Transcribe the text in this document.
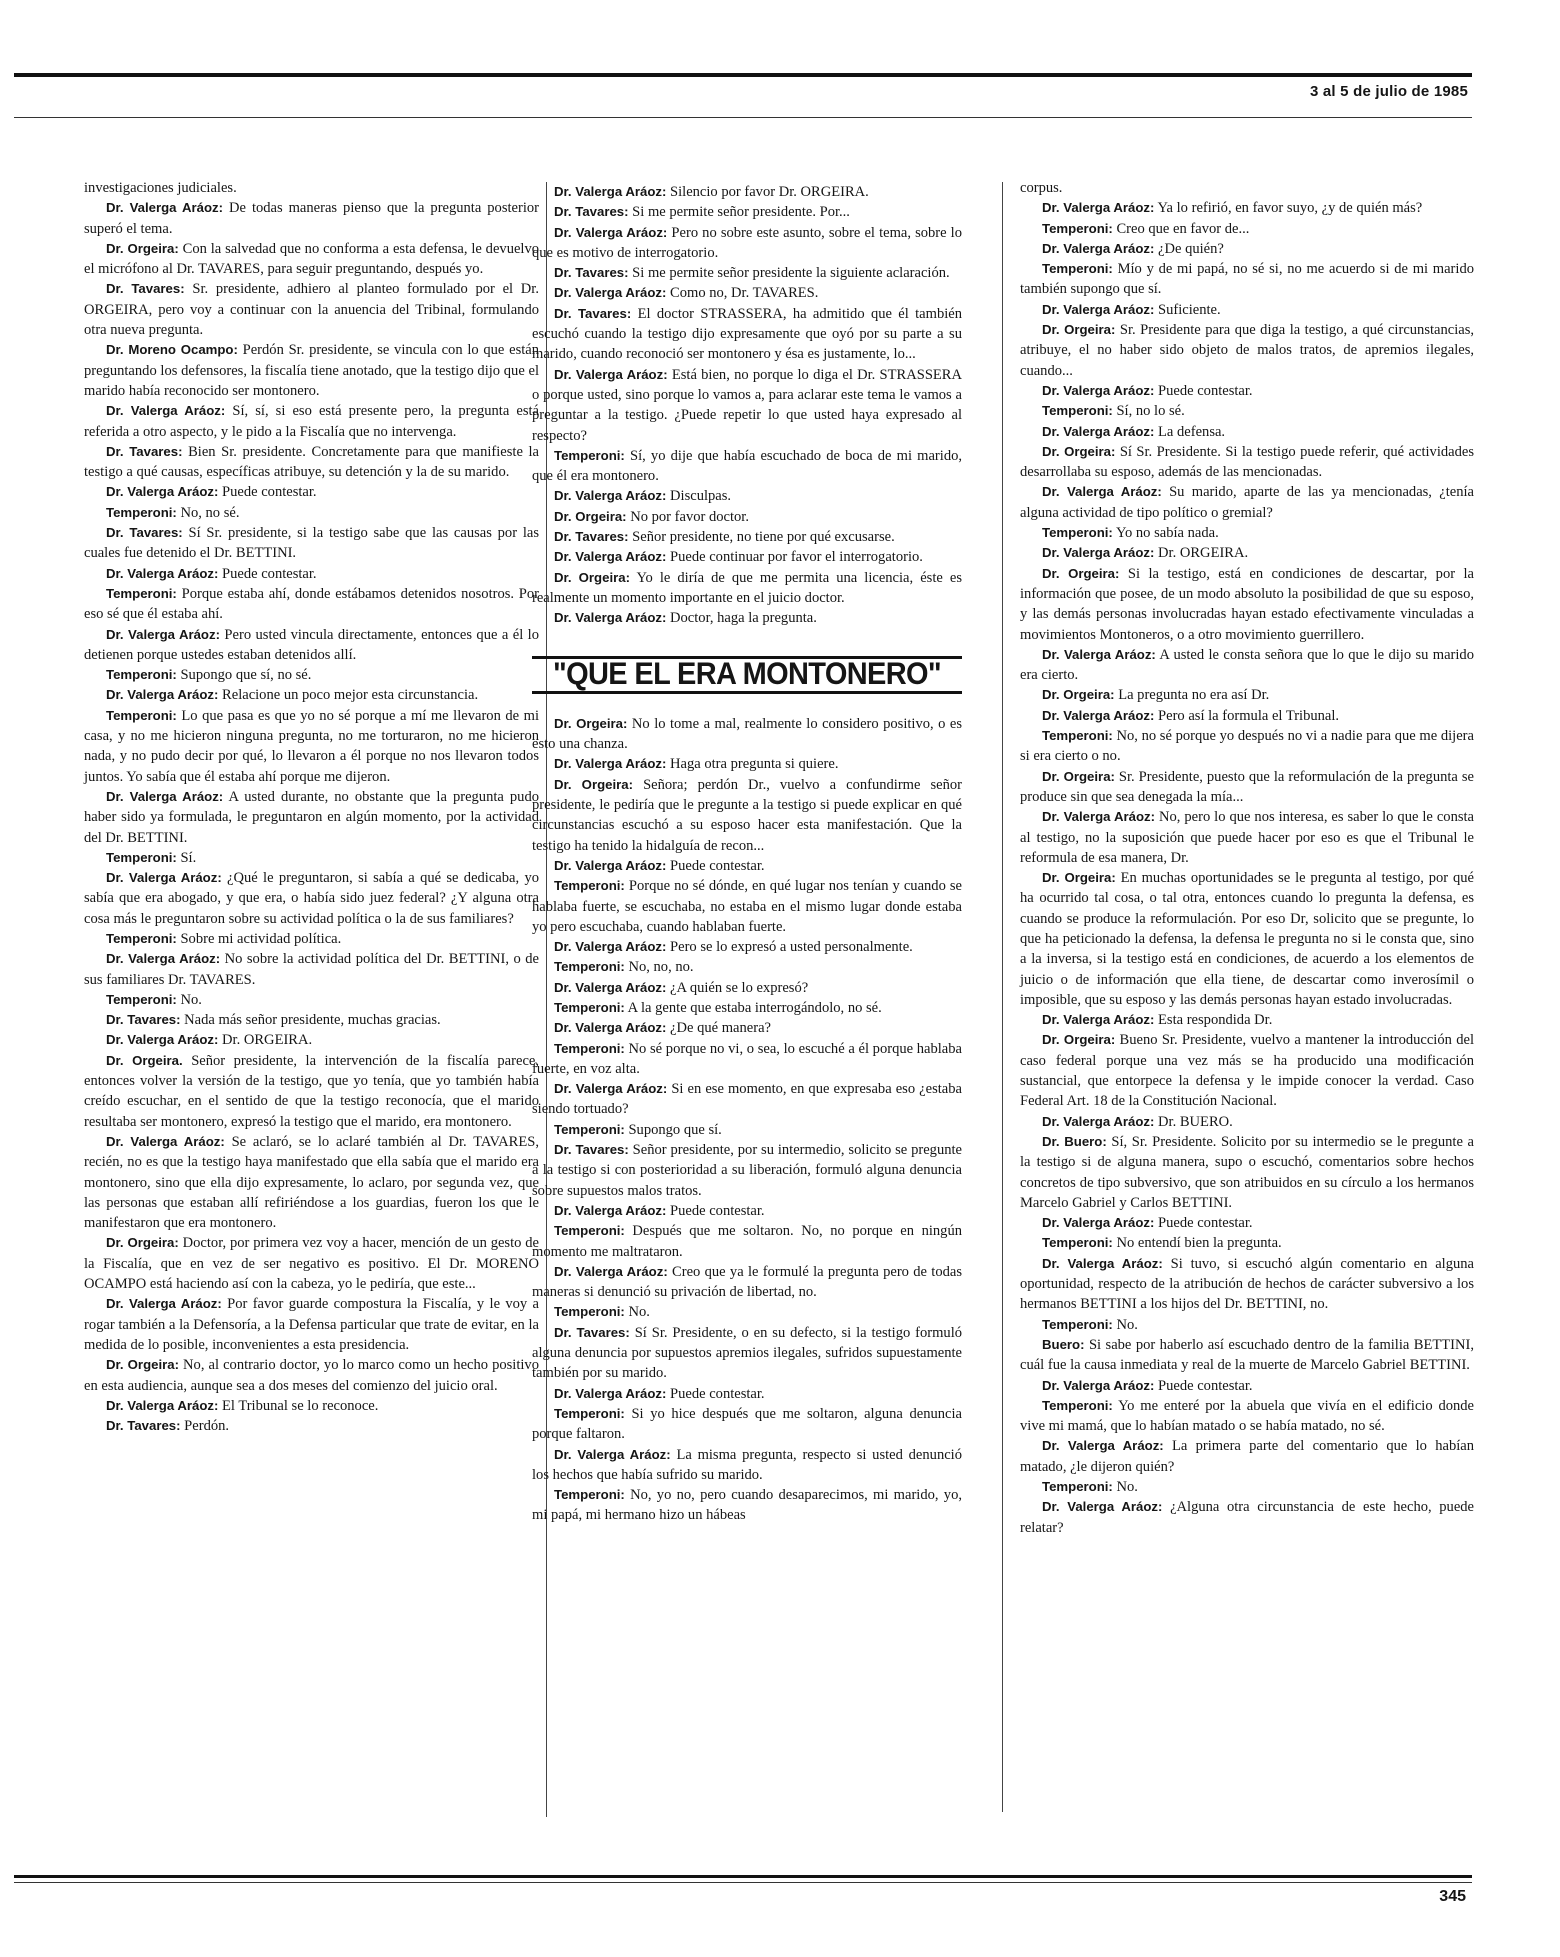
3 al 5 de julio de 1985

investigaciones judiciales.

Dr. Valerga Aráoz: De todas maneras pienso que la pregunta posterior superó el tema.

Dr. Orgeira: Con la salvedad que no conforma a esta defensa, le devuelvo el micrófono al Dr. TAVARES, para seguir preguntando, después yo.

Dr. Tavares: Sr. presidente, adhiero al planteo formulado por el Dr. ORGEIRA, pero voy a continuar con la anuencia del Tribinal, formulando otra nueva pregunta.

Dr. Moreno Ocampo: Perdón Sr. presidente, se vincula con lo que están preguntando los defensores, la fiscalía tiene anotado, que la testigo dijo que el marido había reconocido ser montonero.

Dr. Valerga Aráoz: Sí, sí, si eso está presente pero, la pregunta está referida a otro aspecto, y le pido a la Fiscalía que no intervenga.

Dr. Tavares: Bien Sr. presidente. Concretamente para que manifieste la testigo a qué causas, específicas atribuye, su detención y la de su marido.

Dr. Valerga Aráoz: Puede contestar.

Temperoni: No, no sé.

Dr. Tavares: Sí Sr. presidente, si la testigo sabe que las causas por las cuales fue detenido el Dr. BETTINI.

Dr. Valerga Aráoz: Puede contestar.

Temperoni: Porque estaba ahí, donde estábamos detenidos nosotros. Por eso sé que él estaba ahí.

Dr. Valerga Aráoz: Pero usted vincula directamente, entonces que a él lo detienen porque ustedes estaban detenidos allí.

Temperoni: Supongo que sí, no sé.

Dr. Valerga Aráoz: Relacione un poco mejor esta circunstancia.

Temperoni: Lo que pasa es que yo no sé porque a mí me llevaron de mi casa, y no me hicieron ninguna pregunta, no me torturaron, no me hicieron nada, y no pudo decir por qué, lo llevaron a él porque no nos llevaron todos juntos. Yo sabía que él estaba ahí porque me dijeron.

Dr. Valerga Aráoz: A usted durante, no obstante que la pregunta pudo haber sido ya formulada, le preguntaron en algún momento, por la actividad del Dr. BETTINI.

Temperoni: Sí.

Dr. Valerga Aráoz: ¿Qué le preguntaron, si sabía a qué se dedicaba, yo sabía que era abogado, y que era, o había sido juez federal? ¿Y alguna otra cosa más le preguntaron sobre su actividad política o la de sus familiares?

Temperoni: Sobre mi actividad política.

Dr. Valerga Aráoz: No sobre la actividad política del Dr. BETTINI, o de sus familiares Dr. TAVARES.

Temperoni: No.

Dr. Tavares: Nada más señor presidente, muchas gracias.

Dr. Valerga Aráoz: Dr. ORGEIRA.

Dr. Orgeira. Señor presidente, la intervención de la fiscalía parece, entonces volver la versión de la testigo, que yo tenía, que yo también había creído escuchar, en el sentido de que la testigo reconocía, que el marido resultaba ser montonero, expresó la testigo que el marido, era montonero.

Dr. Valerga Aráoz: Se aclaró, se lo aclaré también al Dr. TAVARES, recién, no es que la testigo haya manifestado que ella sabía que el marido era montonero, sino que ella dijo expresamente, lo aclaro, por segunda vez, que las personas que estaban allí refiriéndose a los guardias, fueron los que le manifestaron que era montonero.

Dr. Orgeira: Doctor, por primera vez voy a hacer, mención de un gesto de la Fiscalía, que en vez de ser negativo es positivo. El Dr. MORENO OCAMPO está haciendo así con la cabeza, yo le pediría, que este...

Dr. Valerga Aráoz: Por favor guarde compostura la Fiscalía, y le voy a rogar también a la Defensoría, a la Defensa particular que trate de evitar, en la medida de lo posible, inconvenientes a esta presidencia.

Dr. Orgeira: No, al contrario doctor, yo lo marco como un hecho positivo en esta audiencia, aunque sea a dos meses del comienzo del juicio oral.

Dr. Valerga Aráoz: El Tribunal se lo reconoce.

Dr. Tavares: Perdón.

Dr. Valerga Aráoz: Silencio por favor Dr. ORGEIRA.

Dr. Tavares: Si me permite señor presidente. Por...

Dr. Valerga Aráoz: Pero no sobre este asunto, sobre el tema, sobre lo que es motivo de interrogatorio.

Dr. Tavares: Si me permite señor presidente la siguiente aclaración.

Dr. Valerga Aráoz: Como no, Dr. TAVARES.

Dr. Tavares: El doctor STRASSERA, ha admitido que él también escuchó cuando la testigo dijo expresamente que oyó por su parte a su marido, cuando reconoció ser montonero y ésa es justamente, lo...

Dr. Valerga Aráoz: Está bien, no porque lo diga el Dr. STRASSERA o porque usted, sino porque lo vamos a, para aclarar este tema le vamos a preguntar a la testigo. ¿Puede repetir lo que usted haya expresado al respecto?

Temperoni: Sí, yo dije que había escuchado de boca de mi marido, que él era montonero.

Dr. Valerga Aráoz: Disculpas.

Dr. Orgeira: No por favor doctor.

Dr. Tavares: Señor presidente, no tiene por qué excusarse.

Dr. Valerga Aráoz: Puede continuar por favor el interrogatorio.

Dr. Orgeira: Yo le diría de que me permita una licencia, éste es realmente un momento importante en el juicio doctor.

Dr. Valerga Aráoz: Doctor, haga la pregunta.

"QUE EL ERA MONTONERO"

Dr. Orgeira: No lo tome a mal, realmente lo considero positivo, o es esto una chanza.

Dr. Valerga Aráoz: Haga otra pregunta si quiere.

Dr. Orgeira: Señora; perdón Dr., vuelvo a confundirme señor presidente, le pediría que le pregunte a la testigo si puede explicar en qué circunstancias escuchó a su esposo hacer esta manifestación. Que la testigo ha tenido la hidalguía de recon...

Dr. Valerga Aráoz: Puede contestar.

Temperoni: Porque no sé dónde, en qué lugar nos tenían y cuando se hablaba fuerte, se escuchaba, no estaba en el mismo lugar donde estaba yo pero escuchaba, cuando hablaban fuerte.

Dr. Valerga Aráoz: Pero se lo expresó a usted personalmente.

Temperoni: No, no, no.

Dr. Valerga Aráoz: ¿A quién se lo expresó?

Temperoni: A la gente que estaba interrogándolo, no sé.

Dr. Valerga Aráoz: ¿De qué manera?

Temperoni: No sé porque no vi, o sea, lo escuché a él porque hablaba fuerte, en voz alta.

Dr. Valerga Aráoz: Si en ese momento, en que expresaba eso ¿estaba siendo tortuado?

Temperoni: Supongo que sí.

Dr. Tavares: Señor presidente, por su intermedio, solicito se pregunte a la testigo si con posterioridad a su liberación, formuló alguna denuncia sobre supuestos malos tratos.

Dr. Valerga Aráoz: Puede contestar.

Temperoni: Después que me soltaron. No, no porque en ningún momento me maltrataron.

Dr. Valerga Aráoz: Creo que ya le formulé la pregunta pero de todas maneras si denunció su privación de libertad, no.

Temperoni: No.

Dr. Tavares: Sí Sr. Presidente, o en su defecto, si la testigo formuló alguna denuncia por supuestos apremios ilegales, sufridos supuestamente también por su marido.

Dr. Valerga Aráoz: Puede contestar.

Temperoni: Si yo hice después que me soltaron, alguna denuncia porque faltaron.

Dr. Valerga Aráoz: La misma pregunta, respecto si usted denunció los hechos que había sufrido su marido.

Temperoni: No, yo no, pero cuando desaparecimos, mi marido, yo, mi papá, mi hermano hizo un hábeas

corpus.

Dr. Valerga Aráoz: Ya lo refirió, en favor suyo, ¿y de quién más?

Temperoni: Creo que en favor de...

Dr. Valerga Aráoz: ¿De quién?

Temperoni: Mío y de mi papá, no sé si, no me acuerdo si de mi marido también supongo que sí.

Dr. Valerga Aráoz: Suficiente.

Dr. Orgeira: Sr. Presidente para que diga la testigo, a qué circunstancias, atribuye, el no haber sido objeto de malos tratos, de apremios ilegales, cuando...

Dr. Valerga Aráoz: Puede contestar.

Temperoni: Sí, no lo sé.

Dr. Valerga Aráoz: La defensa.

Dr. Orgeira: Sí Sr. Presidente. Si la testigo puede referir, qué actividades desarrollaba su esposo, además de las mencionadas.

Dr. Valerga Aráoz: Su marido, aparte de las ya mencionadas, ¿tenía alguna actividad de tipo político o gremial?

Temperoni: Yo no sabía nada.

Dr. Valerga Aráoz: Dr. ORGEIRA.

Dr. Orgeira: Si la testigo, está en condiciones de descartar, por la información que posee, de un modo absoluto la posibilidad de que su esposo, y las demás personas involucradas hayan estado efectivamente vinculadas a movimientos Montoneros, o a otro movimiento guerrillero.

Dr. Valerga Aráoz: A usted le consta señora que lo que le dijo su marido era cierto.

Dr. Orgeira: La pregunta no era así Dr.

Dr. Valerga Aráoz: Pero así la formula el Tribunal.

Temperoni: No, no sé porque yo después no vi a nadie para que me dijera si era cierto o no.

Dr. Orgeira: Sr. Presidente, puesto que la reformulación de la pregunta se produce sin que sea denegada la mía...

Dr. Valerga Aráoz: No, pero lo que nos interesa, es saber lo que le consta al testigo, no la suposición que puede hacer por eso es que el Tribunal le reformula de esa manera, Dr.

Dr. Orgeira: En muchas oportunidades se le pregunta al testigo, por qué ha ocurrido tal cosa, o tal otra, entonces cuando lo pregunta la defensa, es cuando se produce la reformulación. Por eso Dr, solicito que se pregunte, lo que ha peticionado la defensa, la defensa le pregunta no si le consta que, sino a la inversa, si la testigo está en condiciones, de acuerdo a los elementos de juicio o de información que ella tiene, de descartar como inverosímil o imposible, que su esposo y las demás personas hayan estado involucradas.

Dr. Valerga Aráoz: Esta respondida Dr.

Dr. Orgeira: Bueno Sr. Presidente, vuelvo a mantener la introducción del caso federal porque una vez más se ha producido una modificación sustancial, que entorpece la defensa y le impide conocer la verdad. Caso Federal Art. 18 de la Constitución Nacional.

Dr. Valerga Aráoz: Dr. BUERO.

Dr. Buero: Sí, Sr. Presidente. Solicito por su intermedio se le pregunte a la testigo si de alguna manera, supo o escuchó, comentarios sobre hechos concretos de tipo subversivo, que son atribuidos en su círculo a los hermanos Marcelo Gabriel y Carlos BETTINI.

Dr. Valerga Aráoz: Puede contestar.

Temperoni: No entendí bien la pregunta.

Dr. Valerga Aráoz: Si tuvo, si escuchó algún comentario en alguna oportunidad, respecto de la atribución de hechos de carácter subversivo a los hermanos BETTINI a los hijos del Dr. BETTINI, no.

Temperoni: No.

Buero: Si sabe por haberlo así escuchado dentro de la familia BETTINI, cuál fue la causa inmediata y real de la muerte de Marcelo Gabriel BETTINI.

Dr. Valerga Aráoz: Puede contestar.

Temperoni: Yo me enteré por la abuela que vivía en el edificio donde vive mi mamá, que lo habían matado o se había matado, no sé.

Dr. Valerga Aráoz: La primera parte del comentario que lo habían matado, ¿le dijeron quién?

Temperoni: No.

Dr. Valerga Aráoz: ¿Alguna otra circunstancia de este hecho, puede relatar?

345
